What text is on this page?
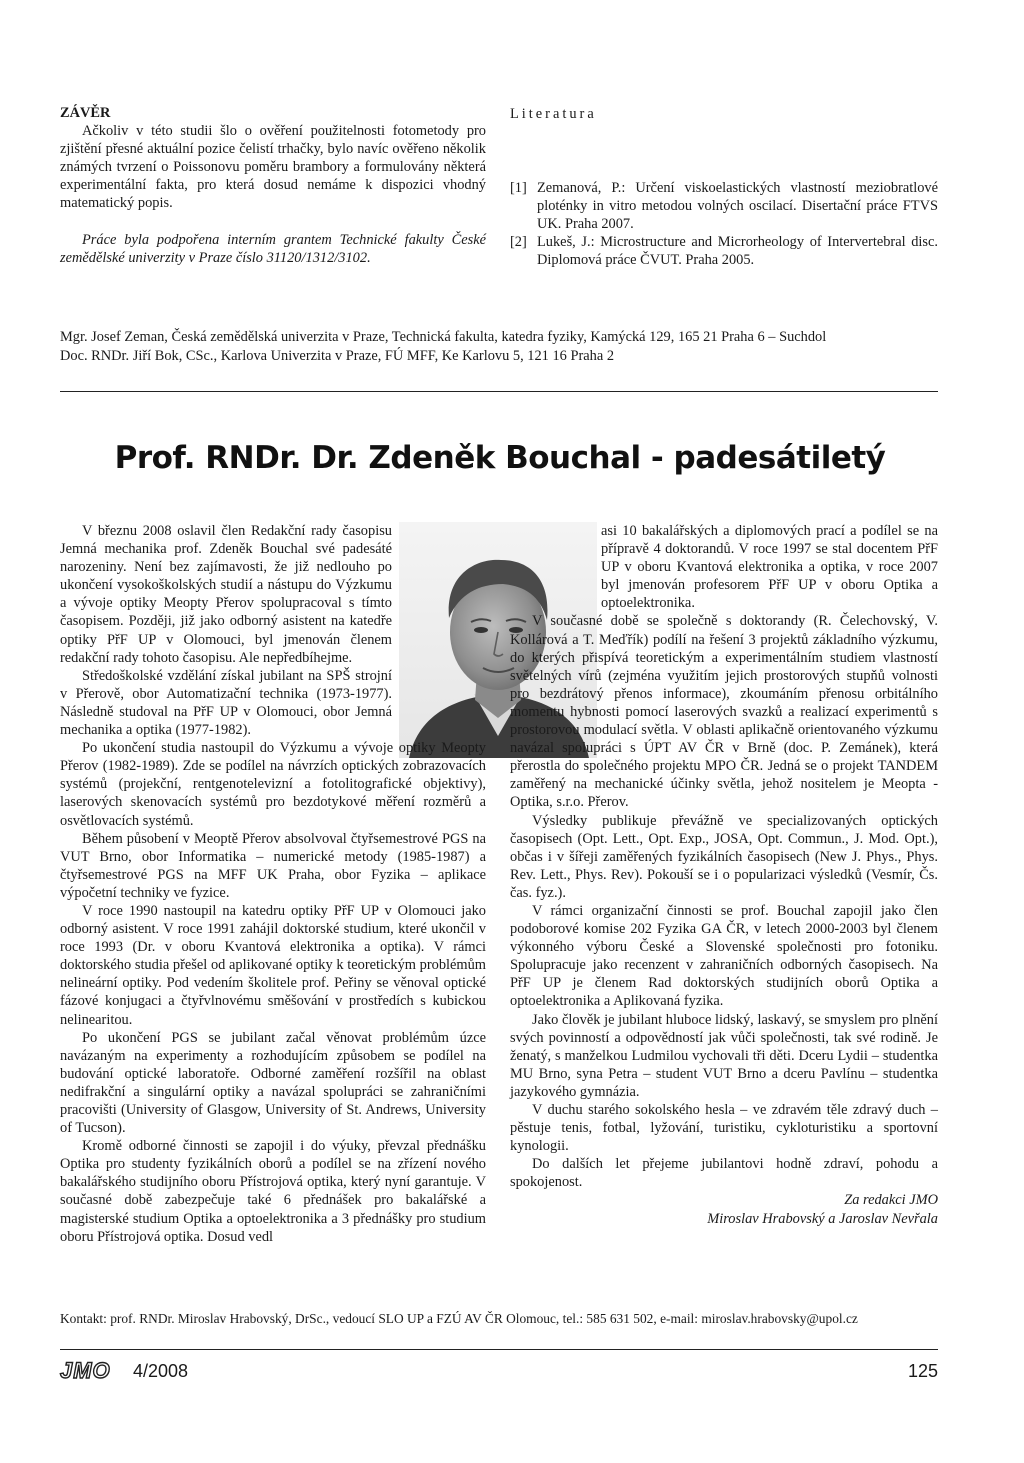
ZÁVĚR

Ačkoliv v této studii šlo o ověření použitelnosti fotometody pro zjištění přesné aktuální pozice čelistí trhačky, bylo navíc ověřeno několik známých tvrzení o Poissonovu poměru brambory a formulovány některá experimentální fakta, pro která dosud nemáme k dispozici vhodný matematický popis.

Práce byla podpořena interním grantem Technické fakulty České zemědělské univerzity v Praze číslo 31120/1312/3102.

Literatura
[1] Zemanová, P.: Určení viskoelastických vlastností meziobratlové ploténky in vitro metodou volných oscilací. Disertační práce FTVS UK. Praha 2007.
[2] Lukeš, J.: Microstructure and Microrheology of Intervertebral disc. Diplomová práce ČVUT. Praha 2005.
Mgr. Josef Zeman, Česká zemědělská univerzita v Praze, Technická fakulta, katedra fyziky, Kamýcká 129, 165 21 Praha 6 – Suchdol
Doc. RNDr. Jiří Bok, CSc., Karlova Univerzita v Praze, FÚ MFF, Ke Karlovu 5, 121 16 Praha 2
Prof. RNDr. Dr. Zdeněk Bouchal - padesátiletý

V březnu 2008 oslavil člen Redakční rady časopisu Jemná mechanika prof. Zdeněk Bouchal své padesáté narozeniny. Není bez zajímavosti, že již nedlouho po ukončení vysokoškolských studií a nástupu do Výzkumu a vývoje optiky Meopty Přerov spolupracoval s tímto časopisem. Později, již jako odborný asistent na katedře optiky PřF UP v Olomouci, byl jmenován členem redakční rady tohoto časopisu. Ale nepředbíhejme.

Středoškolské vzdělání získal jubilant na SPŠ strojní v Přerově, obor Automatizační technika (1973-1977). Následně studoval na PřF UP v Olomouci, obor Jemná mechanika a optika (1977-1982).

Po ukončení studia nastoupil do Výzkumu a vývoje optiky Meopty Přerov (1982-1989). Zde se podílel na návrzích optických zobrazovacích systémů (projekční, rentgenotelevizní a fotolitografické objektivy), laserových skenovacích systémů pro bezdotykové měření rozměrů a osvětlovacích systémů.

Během působení v Meoptě Přerov absolvoval čtyřsemestrové PGS na VUT Brno, obor Informatika – numerické metody (1985-1987) a čtyřsemestrové PGS na MFF UK Praha, obor Fyzika – aplikace výpočetní techniky ve fyzice.

V roce 1990 nastoupil na katedru optiky PřF UP v Olomouci jako odborný asistent. V roce 1991 zahájil doktorské studium, které ukončil v roce 1993 (Dr. v oboru Kvantová elektronika a optika). V rámci doktorského studia přešel od aplikované optiky k teoretickým problémům nelineární optiky. Pod vedením školitele prof. Peřiny se věnoval optické fázové konjugaci a čtyřvlnovému směšování v prostředích s kubickou nelinearitou.

Po ukončení PGS se jubilant začal věnovat problémům úzce navázaným na experimenty a rozhodujícím způsobem se podílel na budování optické laboratoře. Odborné zaměření rozšířil na oblast nedifrakční a singulární optiky a navázal spolupráci se zahraničními pracovišti (University of Glasgow, University of St. Andrews, University of Tucson).

Kromě odborné činnosti se zapojil i do výuky, převzal přednášku Optika pro studenty fyzikálních oborů a podílel se na zřízení nového bakalářského studijního oboru Přístrojová optika, který nyní garantuje. V současné době zabezpečuje také 6 přednášek pro bakalářské a magisterské studium Optika a optoelektronika a 3 přednášky pro studium oboru Přístrojová optika. Dosud vedl

asi 10 bakalářských a diplomových prací a podílel se na přípravě 4 doktorandů. V roce 1997 se stal docentem PřF UP v oboru Kvantová elektronika a optika, v roce 2007 byl jmenován profesorem PřF UP v oboru Optika a optoelektronika.

V současné době se společně s doktorandy (R. Čelechovský, V. Kollárová a T. Meďřík) podílí na řešení 3 projektů základního výzkumu, do kterých přispívá teoretickým a experimentálním studiem vlastností světelných vírů (zejména využitím jejich prostorových stupňů volnosti pro bezdrátový přenos informace), zkoumáním přenosu orbitálního momentu hybnosti pomocí laserových svazků a realizací experimentů s prostorovou modulací světla. V oblasti aplikačně orientovaného výzkumu navázal spolupráci s ÚPT AV ČR v Brně (doc. P. Zemánek), která přerostla do společného projektu MPO ČR. Jedná se o projekt TANDEM zaměřený na mechanické účinky světla, jehož nositelem je Meopta - Optika, s.r.o. Přerov.

Výsledky publikuje převážně ve specializovaných optických časopisech (Opt. Lett., Opt. Exp., JOSA, Opt. Commun., J. Mod. Opt.), občas i v šířeji zaměřených fyzikálních časopisech (New J. Phys., Phys. Rev. Lett., Phys. Rev). Pokouší se i o popularizaci výsledků (Vesmír, Čs. čas. fyz.).

V rámci organizační činnosti se prof. Bouchal zapojil jako člen podoborové komise 202 Fyzika GA ČR, v letech 2000-2003 byl členem výkonného výboru České a Slovenské společnosti pro fotoniku. Spolupracuje jako recenzent v zahraničních odborných časopisech. Na PřF UP je členem Rad doktorských studijních oborů Optika a optoelektronika a Aplikovaná fyzika.

Jako člověk je jubilant hluboce lidský, laskavý, se smyslem pro plnění svých povinností a odpovědností jak vůči společnosti, tak své rodině. Je ženatý, s manželkou Ludmilou vychovali tři děti. Dceru Lydii – studentka MU Brno, syna Petra – student VUT Brno a dceru Pavlínu – studentka jazykového gymnázia.

V duchu starého sokolského hesla – ve zdravém těle zdravý duch – pěstuje tenis, fotbal, lyžování, turistiku, cykloturistiku a sportovní kynologii.

Do dalších let přejeme jubilantovi hodně zdraví, pohodu a spokojenost.

Za redakci JMO
Miroslav Hrabovský a Jaroslav Nevřala
Kontakt: prof. RNDr. Miroslav Hrabovský, DrSc., vedoucí SLO UP a FZÚ AV ČR Olomouc, tel.: 585 631 502, e-mail: miroslav.hrabovsky@upol.cz
JMO 4/2008	125
